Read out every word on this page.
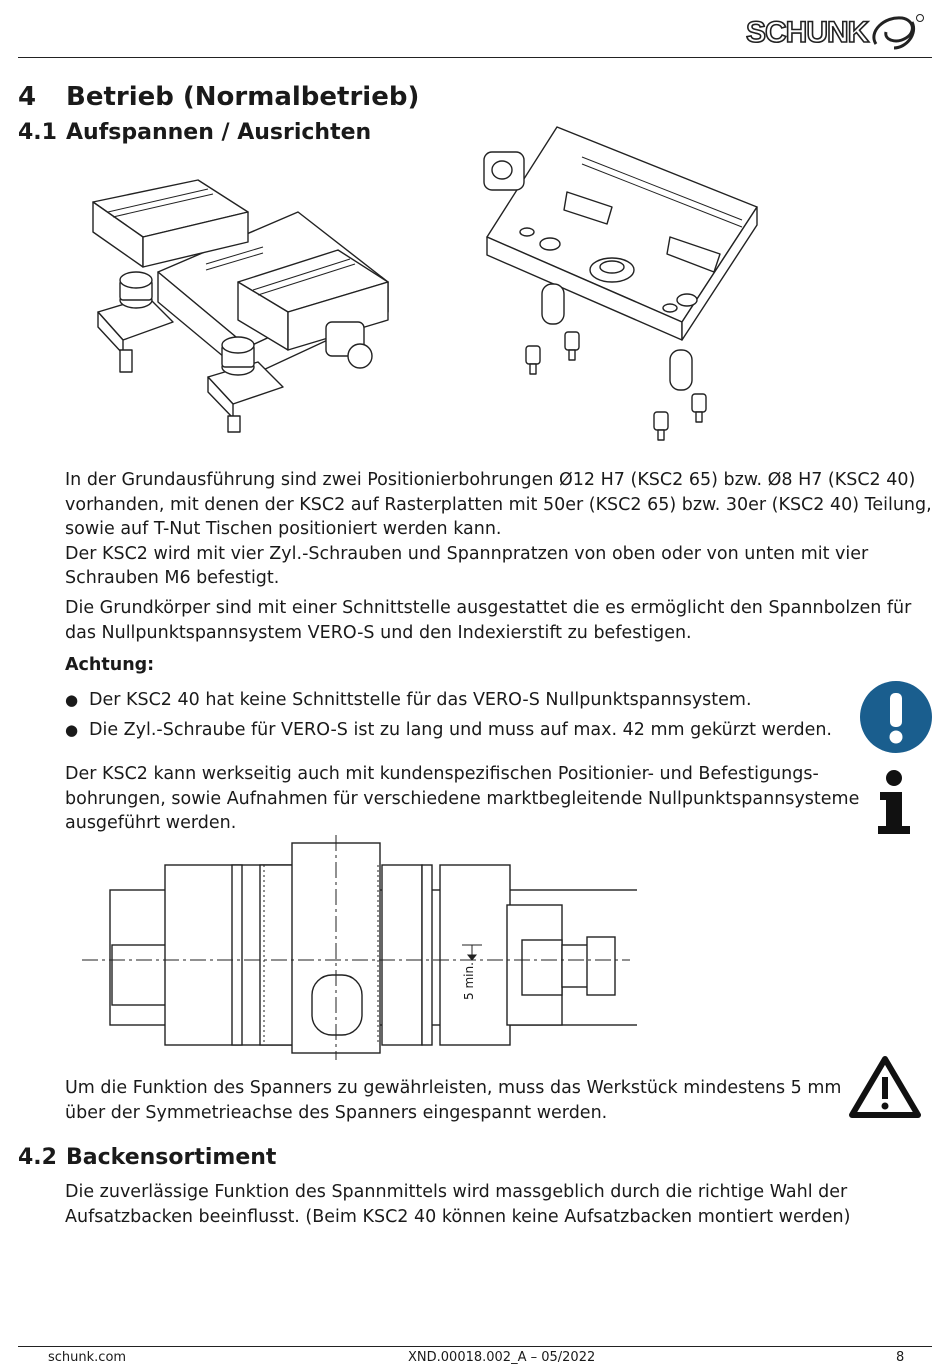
SCHUNK
4 Betrieb (Normalbetrieb)
4.1 Aufspannen / Ausrichten

In der Grundausführung sind zwei Positionierbohrungen Ø12 H7 (KSC2 65) bzw. Ø8 H7 (KSC2 40) vorhanden, mit denen der KSC2 auf Rasterplatten mit 50er (KSC2 65) bzw. 30er (KSC2 40) Teilung, sowie auf T-Nut Tischen positioniert werden kann.

Der KSC2 wird mit vier Zyl.-Schrauben und Spannpratzen von oben oder von unten mit vier Schrauben M6 befestigt.

Die Grundkörper sind mit einer Schnittstelle ausgestattet die es ermöglicht den Spannbolzen für das Nullpunktspannsystem VERO-S und den Indexierstift zu befestigen.

Achtung:
● Der KSC2 40 hat keine Schnittstelle für das VERO-S Nullpunktspannsystem.
● Die Zyl.-Schraube für VERO-S ist zu lang und muss auf max. 42 mm gekürzt werden.

Der KSC2 kann werkseitig auch mit kundenspezifischen Positionier- und Befestigungs-bohrungen, sowie Aufnahmen für verschiedene marktbegleitende Nullpunktspannsysteme ausgeführt werden.

5 min.

Um die Funktion des Spanners zu gewährleisten, muss das Werkstück mindestens 5 mm über der Symmetrieachse des Spanners eingespannt werden.

4.2 Backensortiment

Die zuverlässige Funktion des Spannmittels wird massgeblich durch die richtige Wahl der Aufsatzbacken beeinflusst. (Beim KSC2 40 können keine Aufsatzbacken montiert werden)

schunk.com	XND.00018.002_A – 05/2022	8
